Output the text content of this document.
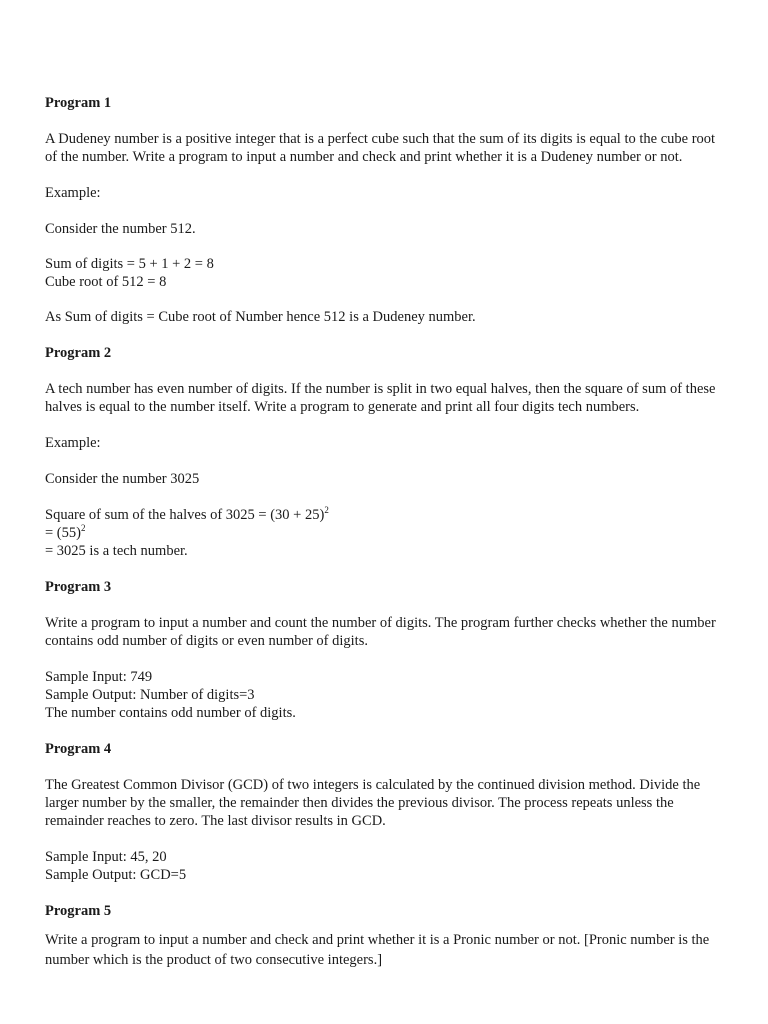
Program 1

A Dudeney number is a positive integer that is a perfect cube such that the sum of its digits is equal to the cube root of the number. Write a program to input a number and check and print whether it is a Dudeney number or not.

Example:

Consider the number 512.

Sum of digits = 5 + 1 + 2 = 8

Cube root of 512 = 8

As Sum of digits = Cube root of Number hence 512 is a Dudeney number.

Program 2

A tech number has even number of digits. If the number is split in two equal halves, then the square of sum of these halves is equal to the number itself. Write a program to generate and print all four digits tech numbers.

Example:

Consider the number 3025

Square of sum of the halves of $3025 = (30 + 25)^2$

= $(55)^2$

= 3025 is a tech number.

Program 3

Write a program to input a number and count the number of digits. The program further checks whether the number contains odd number of digits or even number of digits.

Sample Input: 749

Sample Output: Number of digits=3

The number contains odd number of digits.

Program 4

The Greatest Common Divisor (GCD) of two integers is calculated by the continued division method. Divide the larger number by the smaller, the remainder then divides the previous divisor. The process repeats unless the remainder reaches to zero. The last divisor results in GCD.

Sample Input: 45, 20

Sample Output: GCD=5

Program 5

Write a program to input a number and check and print whether it is a Pronic number or not. [Pronic number is the number which is the product of two consecutive integers.]
